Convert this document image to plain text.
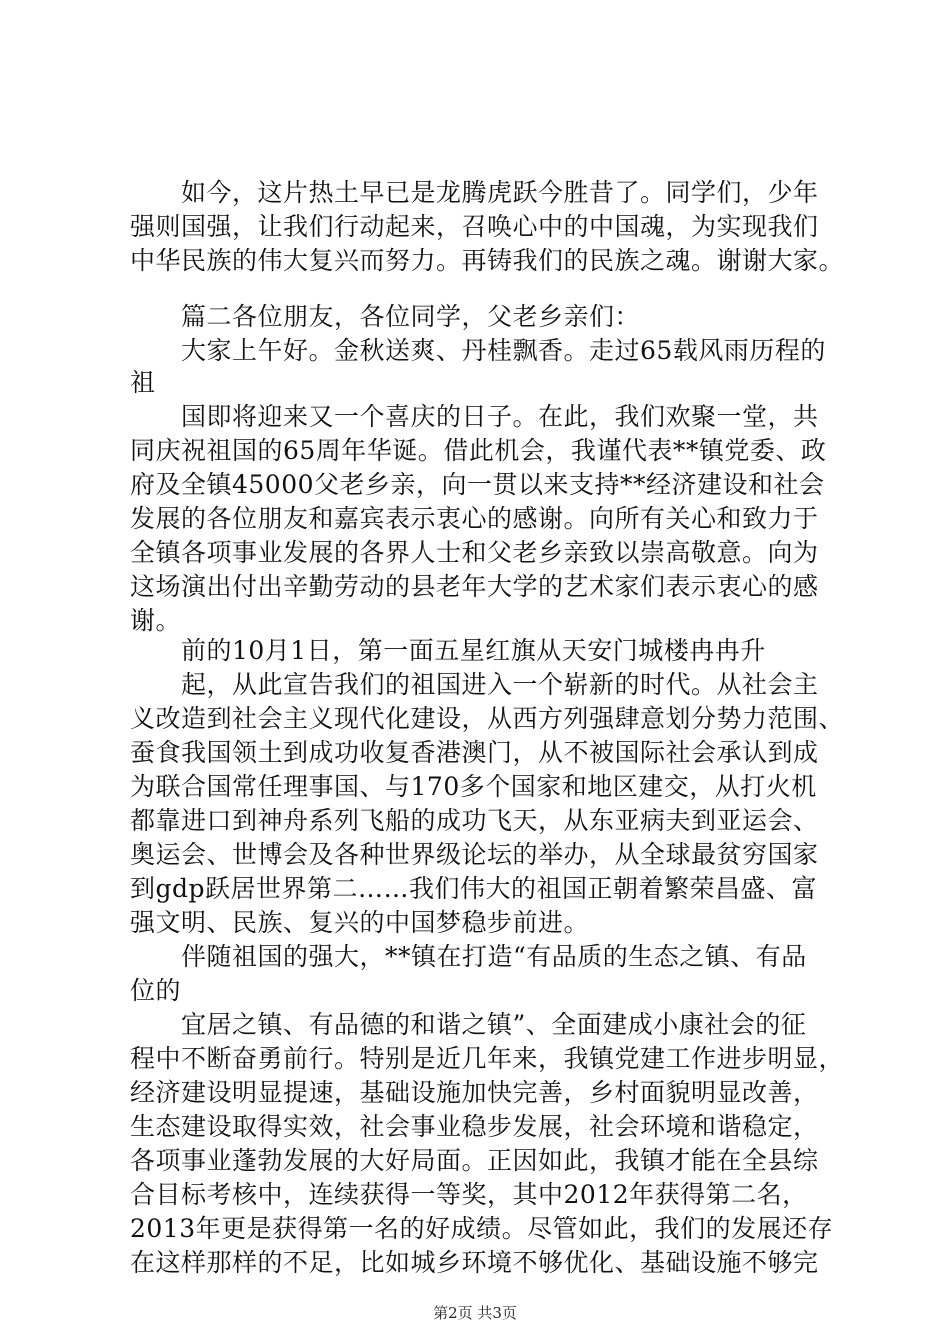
如今，这片热土早已是龙腾虎跃今胜昔了。同学们，少年
强则国强，让我们行动起来，召唤心中的中国魂，为实现我们
中华民族的伟大复兴而努力。再铸我们的民族之魂。谢谢大家。
篇二各位朋友，各位同学，父老乡亲们：
大家上午好。金秋送爽、丹桂飘香。走过65载风雨历程的
祖
国即将迎来又一个喜庆的日子。在此，我们欢聚一堂，共
同庆祝祖国的65周年华诞。借此机会，我谨代表**镇党委、政
府及全镇45000父老乡亲，向一贯以来支持**经济建设和社会
发展的各位朋友和嘉宾表示衷心的感谢。向所有关心和致力于
全镇各项事业发展的各界人士和父老乡亲致以崇高敬意。向为
这场演出付出辛勤劳动的县老年大学的艺术家们表示衷心的感
谢。
前的10月1日，第一面五星红旗从天安门城楼冉冉升
起，从此宣告我们的祖国进入一个崭新的时代。从社会主
义改造到社会主义现代化建设，从西方列强肆意划分势力范围、
蚕食我国领土到成功收复香港澳门，从不被国际社会承认到成
为联合国常任理事国、与170多个国家和地区建交，从打火机
都靠进口到神舟系列飞船的成功飞天，从东亚病夫到亚运会、
奥运会、世博会及各种世界级论坛的举办，从全球最贫穷国家
到gdp跃居世界第二……我们伟大的祖国正朝着繁荣昌盛、富
强文明、民族、复兴的中国梦稳步前进。
伴随祖国的强大，**镇在打造“有品质的生态之镇、有品
位的
宜居之镇、有品德的和谐之镇”、全面建成小康社会的征
程中不断奋勇前行。特别是近几年来，我镇党建工作进步明显，
经济建设明显提速，基础设施加快完善，乡村面貌明显改善，
生态建设取得实效，社会事业稳步发展，社会环境和谐稳定，
各项事业蓬勃发展的大好局面。正因如此，我镇才能在全县综
合目标考核中，连续获得一等奖，其中2012年获得第二名，
2013年更是获得第一名的好成绩。尽管如此，我们的发展还存
在这样那样的不足，比如城乡环境不够优化、基础设施不够完
第2页 共3页
